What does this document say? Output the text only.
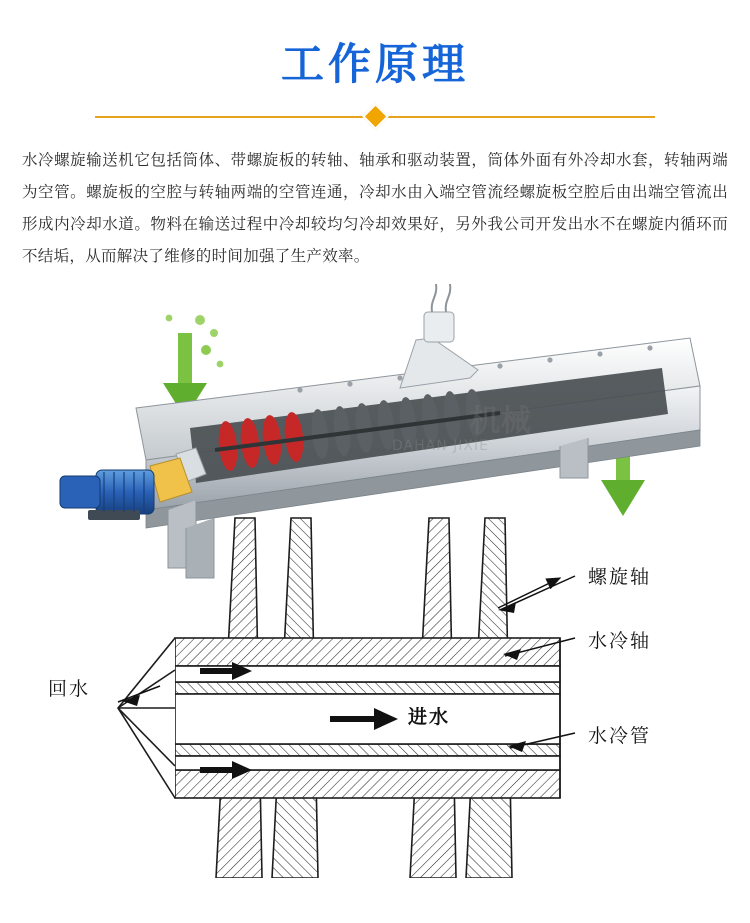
工作原理
水冷螺旋输送机它包括筒体、带螺旋板的转轴、轴承和驱动装置，筒体外面有外冷却水套，转轴两端为空管。螺旋板的空腔与转轴两端的空管连通，冷却水由入端空管流经螺旋板空腔后由出端空管流出形成内冷却水道。物料在输送过程中冷却较均匀冷却效果好，另外我公司开发出水不在螺旋内循环而不结垢，从而解决了维修的时间加强了生产效率。
螺旋轴
水冷轴
水冷管
回水
进水
机械
DAHAN JIXIE
